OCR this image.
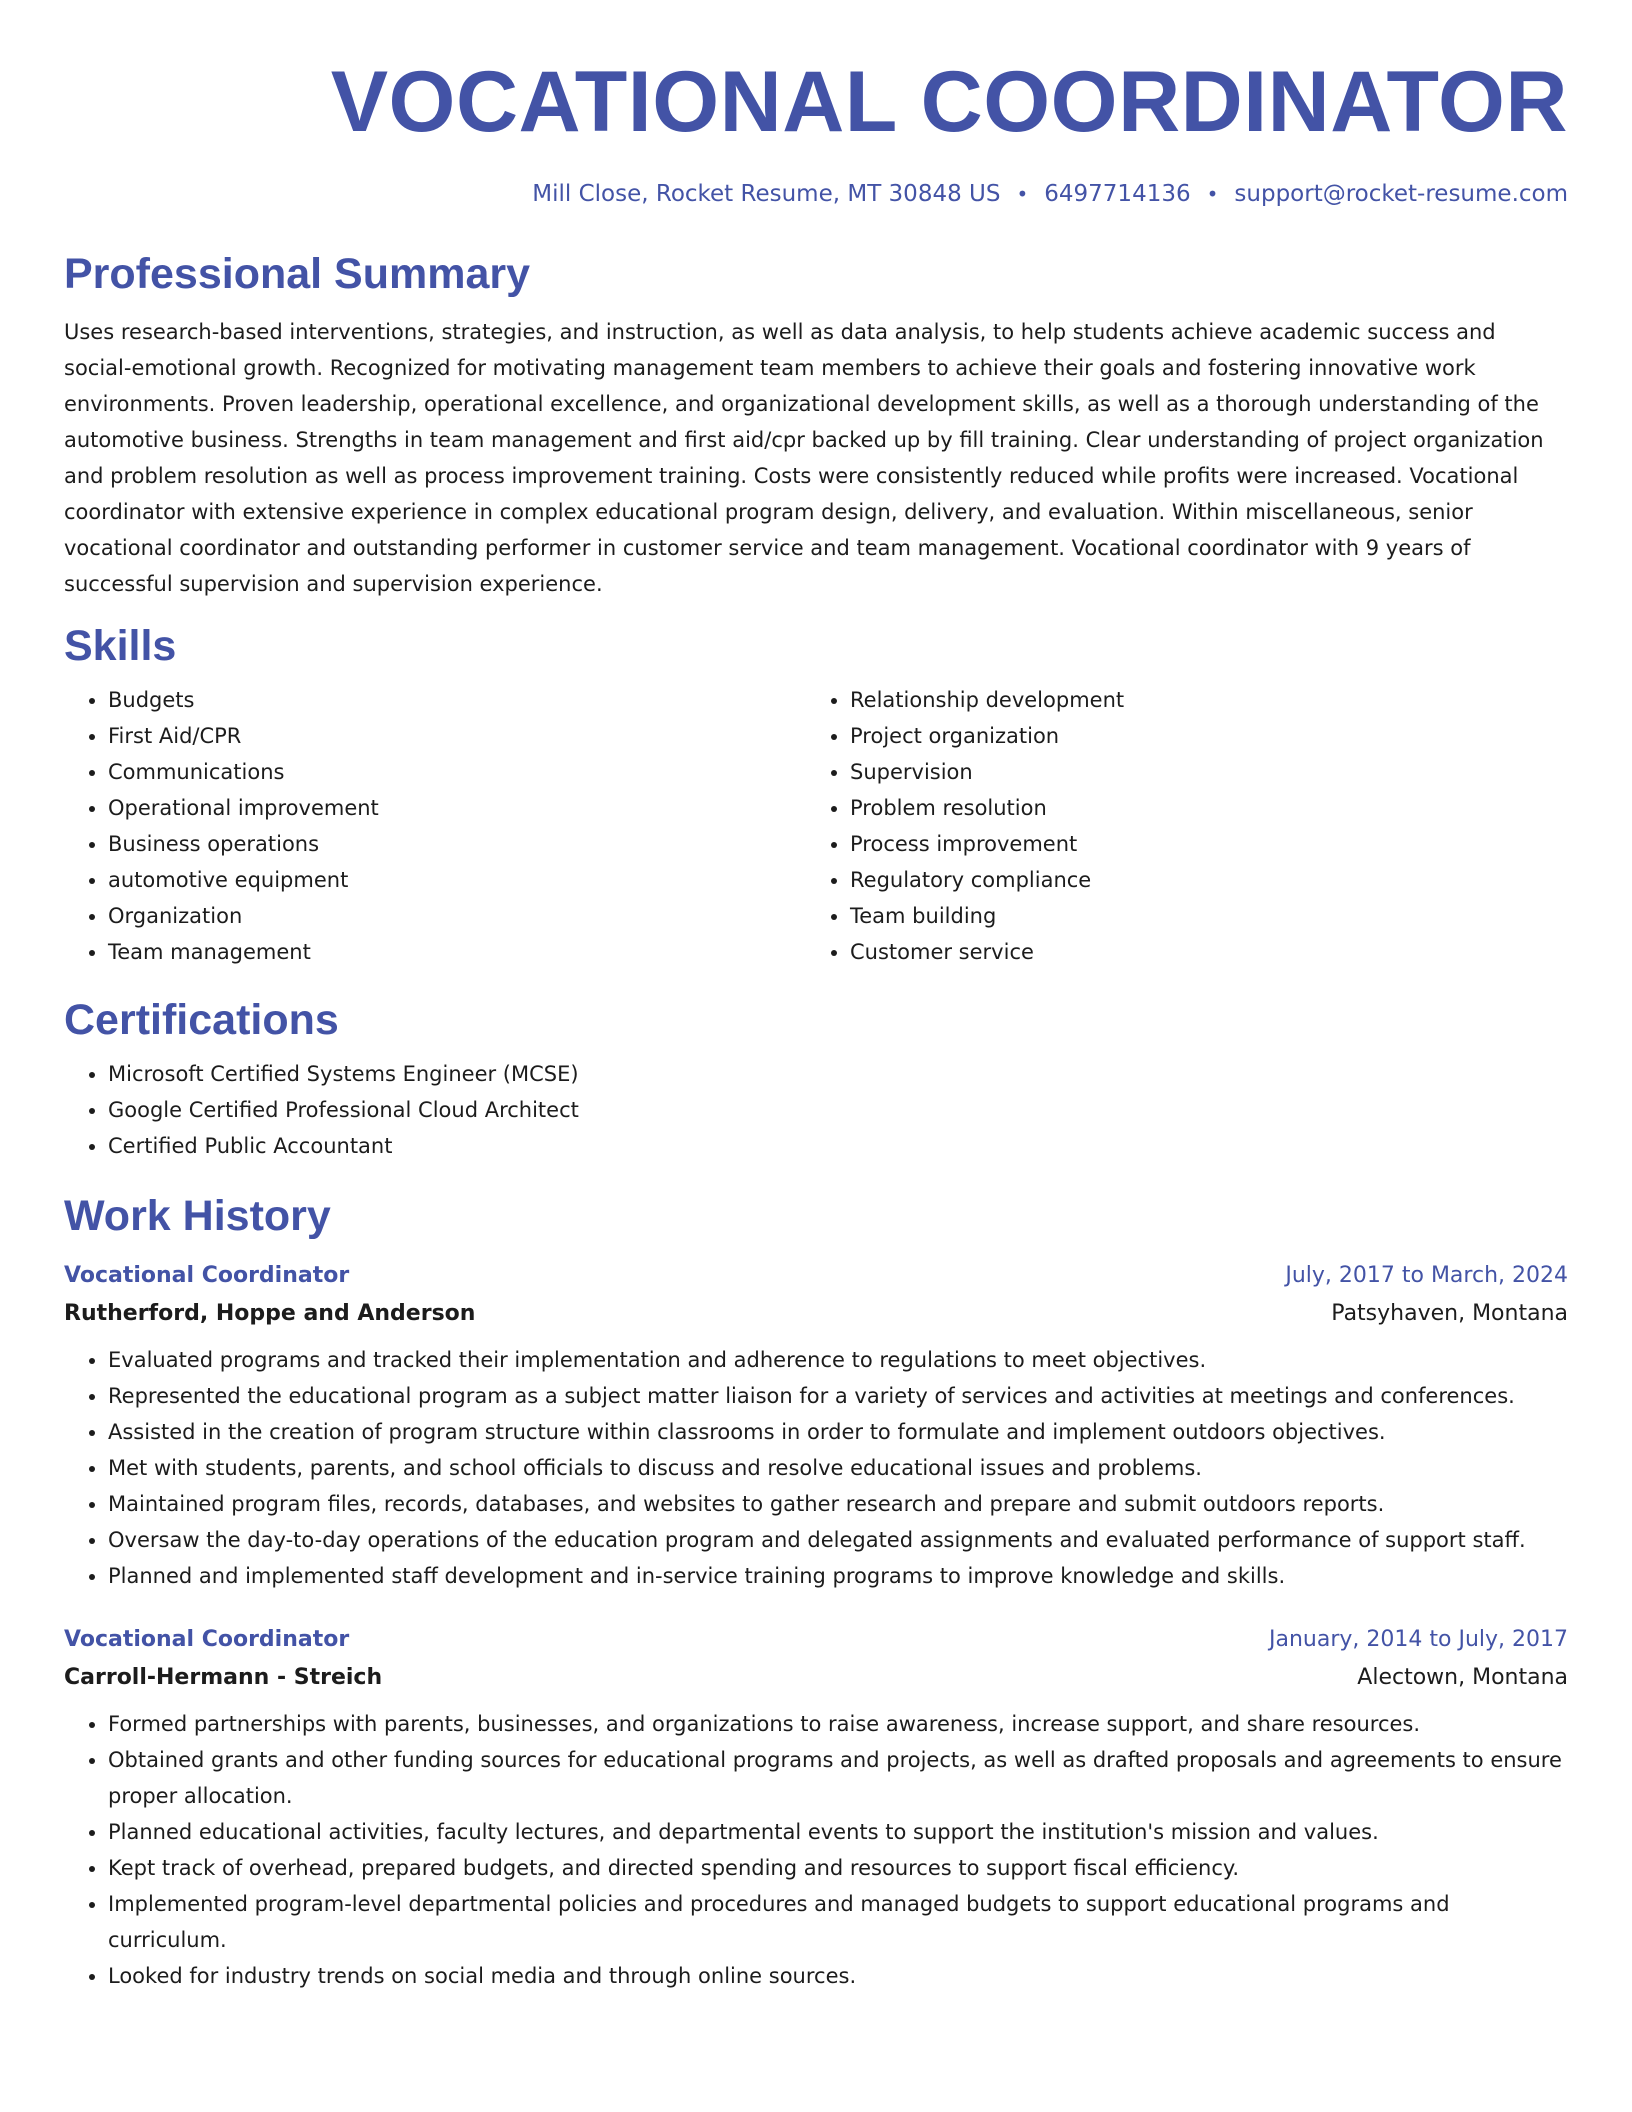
VOCATIONAL COORDINATOR
Mill Close, Rocket Resume, MT 30848 US • 6497714136 • support@rocket-resume.com
Professional Summary
Uses research-based interventions, strategies, and instruction, as well as data analysis, to help students achieve academic success and social-emotional growth. Recognized for motivating management team members to achieve their goals and fostering innovative work environments. Proven leadership, operational excellence, and organizational development skills, as well as a thorough understanding of the automotive business. Strengths in team management and first aid/cpr backed up by fill training. Clear understanding of project organization and problem resolution as well as process improvement training. Costs were consistently reduced while profits were increased. Vocational coordinator with extensive experience in complex educational program design, delivery, and evaluation. Within miscellaneous, senior vocational coordinator and outstanding performer in customer service and team management. Vocational coordinator with 9 years of successful supervision and supervision experience.
Skills
• Budgets
• First Aid/CPR
• Communications
• Operational improvement
• Business operations
• automotive equipment
• Organization
• Team management
• Relationship development
• Project organization
• Supervision
• Problem resolution
• Process improvement
• Regulatory compliance
• Team building
• Customer service
Certifications
• Microsoft Certified Systems Engineer (MCSE)
• Google Certified Professional Cloud Architect
• Certified Public Accountant
Work History
Vocational Coordinator	July, 2017 to March, 2024
Rutherford, Hoppe and Anderson	Patsyhaven, Montana
• Evaluated programs and tracked their implementation and adherence to regulations to meet objectives.
• Represented the educational program as a subject matter liaison for a variety of services and activities at meetings and conferences.
• Assisted in the creation of program structure within classrooms in order to formulate and implement outdoors objectives.
• Met with students, parents, and school officials to discuss and resolve educational issues and problems.
• Maintained program files, records, databases, and websites to gather research and prepare and submit outdoors reports.
• Oversaw the day-to-day operations of the education program and delegated assignments and evaluated performance of support staff.
• Planned and implemented staff development and in-service training programs to improve knowledge and skills.
Vocational Coordinator	January, 2014 to July, 2017
Carroll-Hermann - Streich	Alectown, Montana
• Formed partnerships with parents, businesses, and organizations to raise awareness, increase support, and share resources.
• Obtained grants and other funding sources for educational programs and projects, as well as drafted proposals and agreements to ensure proper allocation.
• Planned educational activities, faculty lectures, and departmental events to support the institution's mission and values.
• Kept track of overhead, prepared budgets, and directed spending and resources to support fiscal efficiency.
• Implemented program-level departmental policies and procedures and managed budgets to support educational programs and curriculum.
• Looked for industry trends on social media and through online sources.
